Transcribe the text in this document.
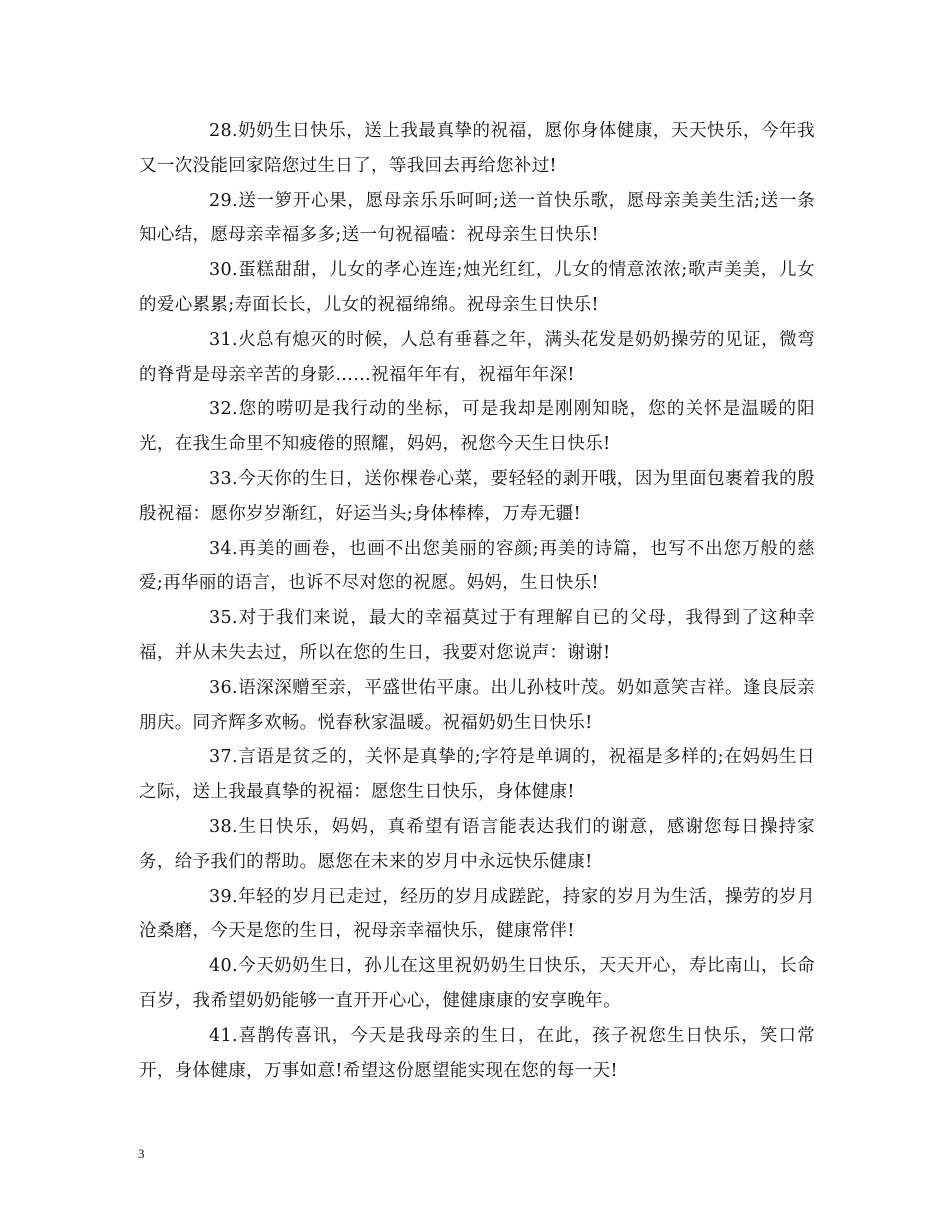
28.奶奶生日快乐，送上我最真挚的祝福，愿你身体健康，天天快乐，今年我又一次没能回家陪您过生日了，等我回去再给您补过!

29.送一箩开心果，愿母亲乐乐呵呵;送一首快乐歌，愿母亲美美生活;送一条知心结，愿母亲幸福多多;送一句祝福嗑：祝母亲生日快乐!

30.蛋糕甜甜，儿女的孝心连连;烛光红红，儿女的情意浓浓;歌声美美，儿女的爱心累累;寿面长长，儿女的祝福绵绵。祝母亲生日快乐!

31.火总有熄灭的时候，人总有垂暮之年，满头花发是奶奶操劳的见证，微弯的脊背是母亲辛苦的身影……祝福年年有，祝福年年深!

32.您的唠叨是我行动的坐标，可是我却是刚刚知晓，您的关怀是温暖的阳光，在我生命里不知疲倦的照耀，妈妈，祝您今天生日快乐!

33.今天你的生日，送你棵卷心菜，要轻轻的剥开哦，因为里面包裹着我的殷殷祝福：愿你岁岁渐红，好运当头;身体棒棒，万寿无疆!

34.再美的画卷，也画不出您美丽的容颜;再美的诗篇，也写不出您万般的慈爱;再华丽的语言，也诉不尽对您的祝愿。妈妈，生日快乐!

35.对于我们来说，最大的幸福莫过于有理解自已的父母，我得到了这种幸福，并从未失去过，所以在您的生日，我要对您说声：谢谢!

36.语深深赠至亲，平盛世佑平康。出儿孙枝叶茂。奶如意笑吉祥。逢良辰亲朋庆。同齐辉多欢畅。悦春秋家温暖。祝福奶奶生日快乐!

37.言语是贫乏的，关怀是真挚的;字符是单调的，祝福是多样的;在妈妈生日之际，送上我最真挚的祝福：愿您生日快乐，身体健康!

38.生日快乐，妈妈，真希望有语言能表达我们的谢意，感谢您每日操持家务，给予我们的帮助。愿您在未来的岁月中永远快乐健康!

39.年轻的岁月已走过，经历的岁月成蹉跎，持家的岁月为生活，操劳的岁月沧桑磨，今天是您的生日，祝母亲幸福快乐，健康常伴!

40.今天奶奶生日，孙儿在这里祝奶奶生日快乐，天天开心，寿比南山，长命百岁，我希望奶奶能够一直开开心心，健健康康的安享晚年。

41.喜鹊传喜讯，今天是我母亲的生日，在此，孩子祝您生日快乐，笑口常开，身体健康，万事如意!希望这份愿望能实现在您的每一天!

3
